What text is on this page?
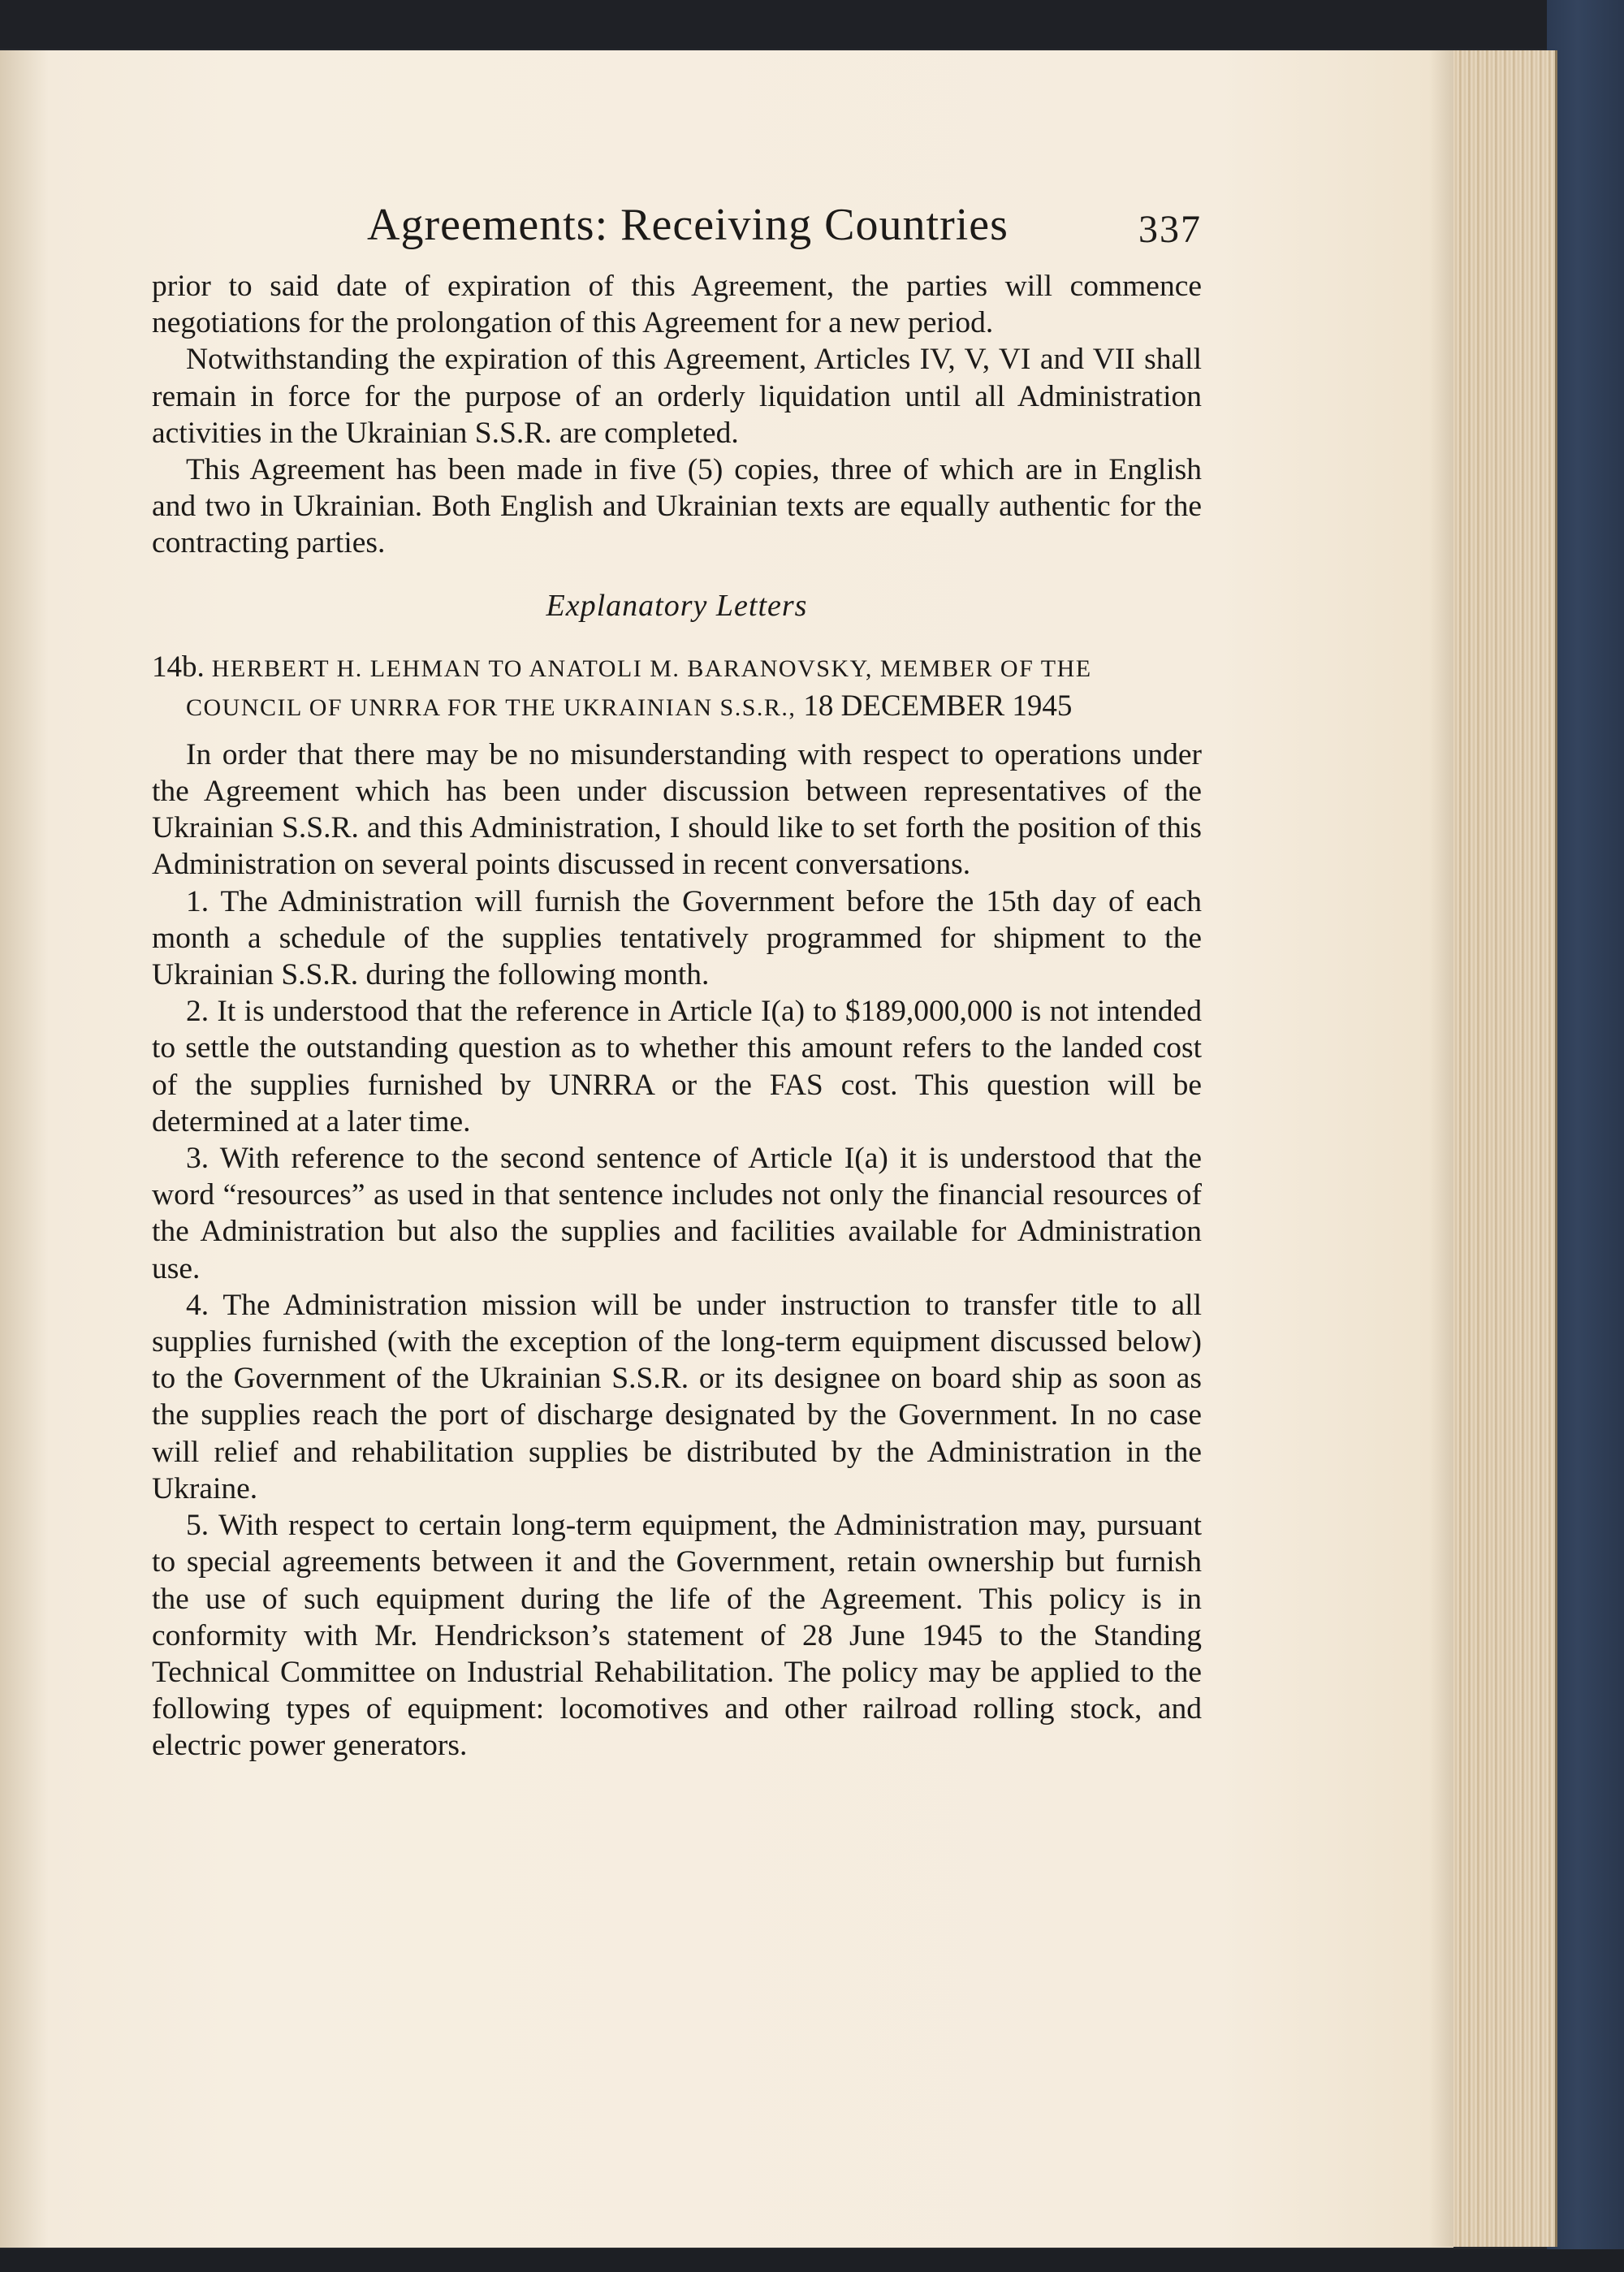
Agreements: Receiving Countries	337

prior to said date of expiration of this Agreement, the parties will commence negotiations for the prolongation of this Agreement for a new period.

Notwithstanding the expiration of this Agreement, Articles IV, V, VI and VII shall remain in force for the purpose of an orderly liquidation until all Administration activities in the Ukrainian S.S.R. are completed.

This Agreement has been made in five (5) copies, three of which are in English and two in Ukrainian. Both English and Ukrainian texts are equally authentic for the contracting parties.

Explanatory Letters
14b. HERBERT H. LEHMAN TO ANATOLI M. BARANOVSKY, MEMBER OF THE COUNCIL OF UNRRA FOR THE UKRAINIAN S.S.R., 18 DECEMBER 1945

In order that there may be no misunderstanding with respect to operations under the Agreement which has been under discussion between representatives of the Ukrainian S.S.R. and this Administration, I should like to set forth the position of this Administration on several points discussed in recent conversations.

1. The Administration will furnish the Government before the 15th day of each month a schedule of the supplies tentatively programmed for shipment to the Ukrainian S.S.R. during the following month.

2. It is understood that the reference in Article I(a) to $189,000,000 is not intended to settle the outstanding question as to whether this amount refers to the landed cost of the supplies furnished by UNRRA or the FAS cost. This question will be determined at a later time.

3. With reference to the second sentence of Article I(a) it is understood that the word “resources” as used in that sentence includes not only the financial resources of the Administration but also the supplies and facilities available for Administration use.

4. The Administration mission will be under instruction to transfer title to all supplies furnished (with the exception of the long-term equipment discussed below) to the Government of the Ukrainian S.S.R. or its designee on board ship as soon as the supplies reach the port of discharge designated by the Government. In no case will relief and rehabilitation supplies be distributed by the Administration in the Ukraine.

5. With respect to certain long-term equipment, the Administration may, pursuant to special agreements between it and the Government, retain ownership but furnish the use of such equipment during the life of the Agreement. This policy is in conformity with Mr. Hendrickson’s statement of 28 June 1945 to the Standing Technical Committee on Industrial Rehabilitation. The policy may be applied to the following types of equipment: locomotives and other railroad rolling stock, and electric power generators.
